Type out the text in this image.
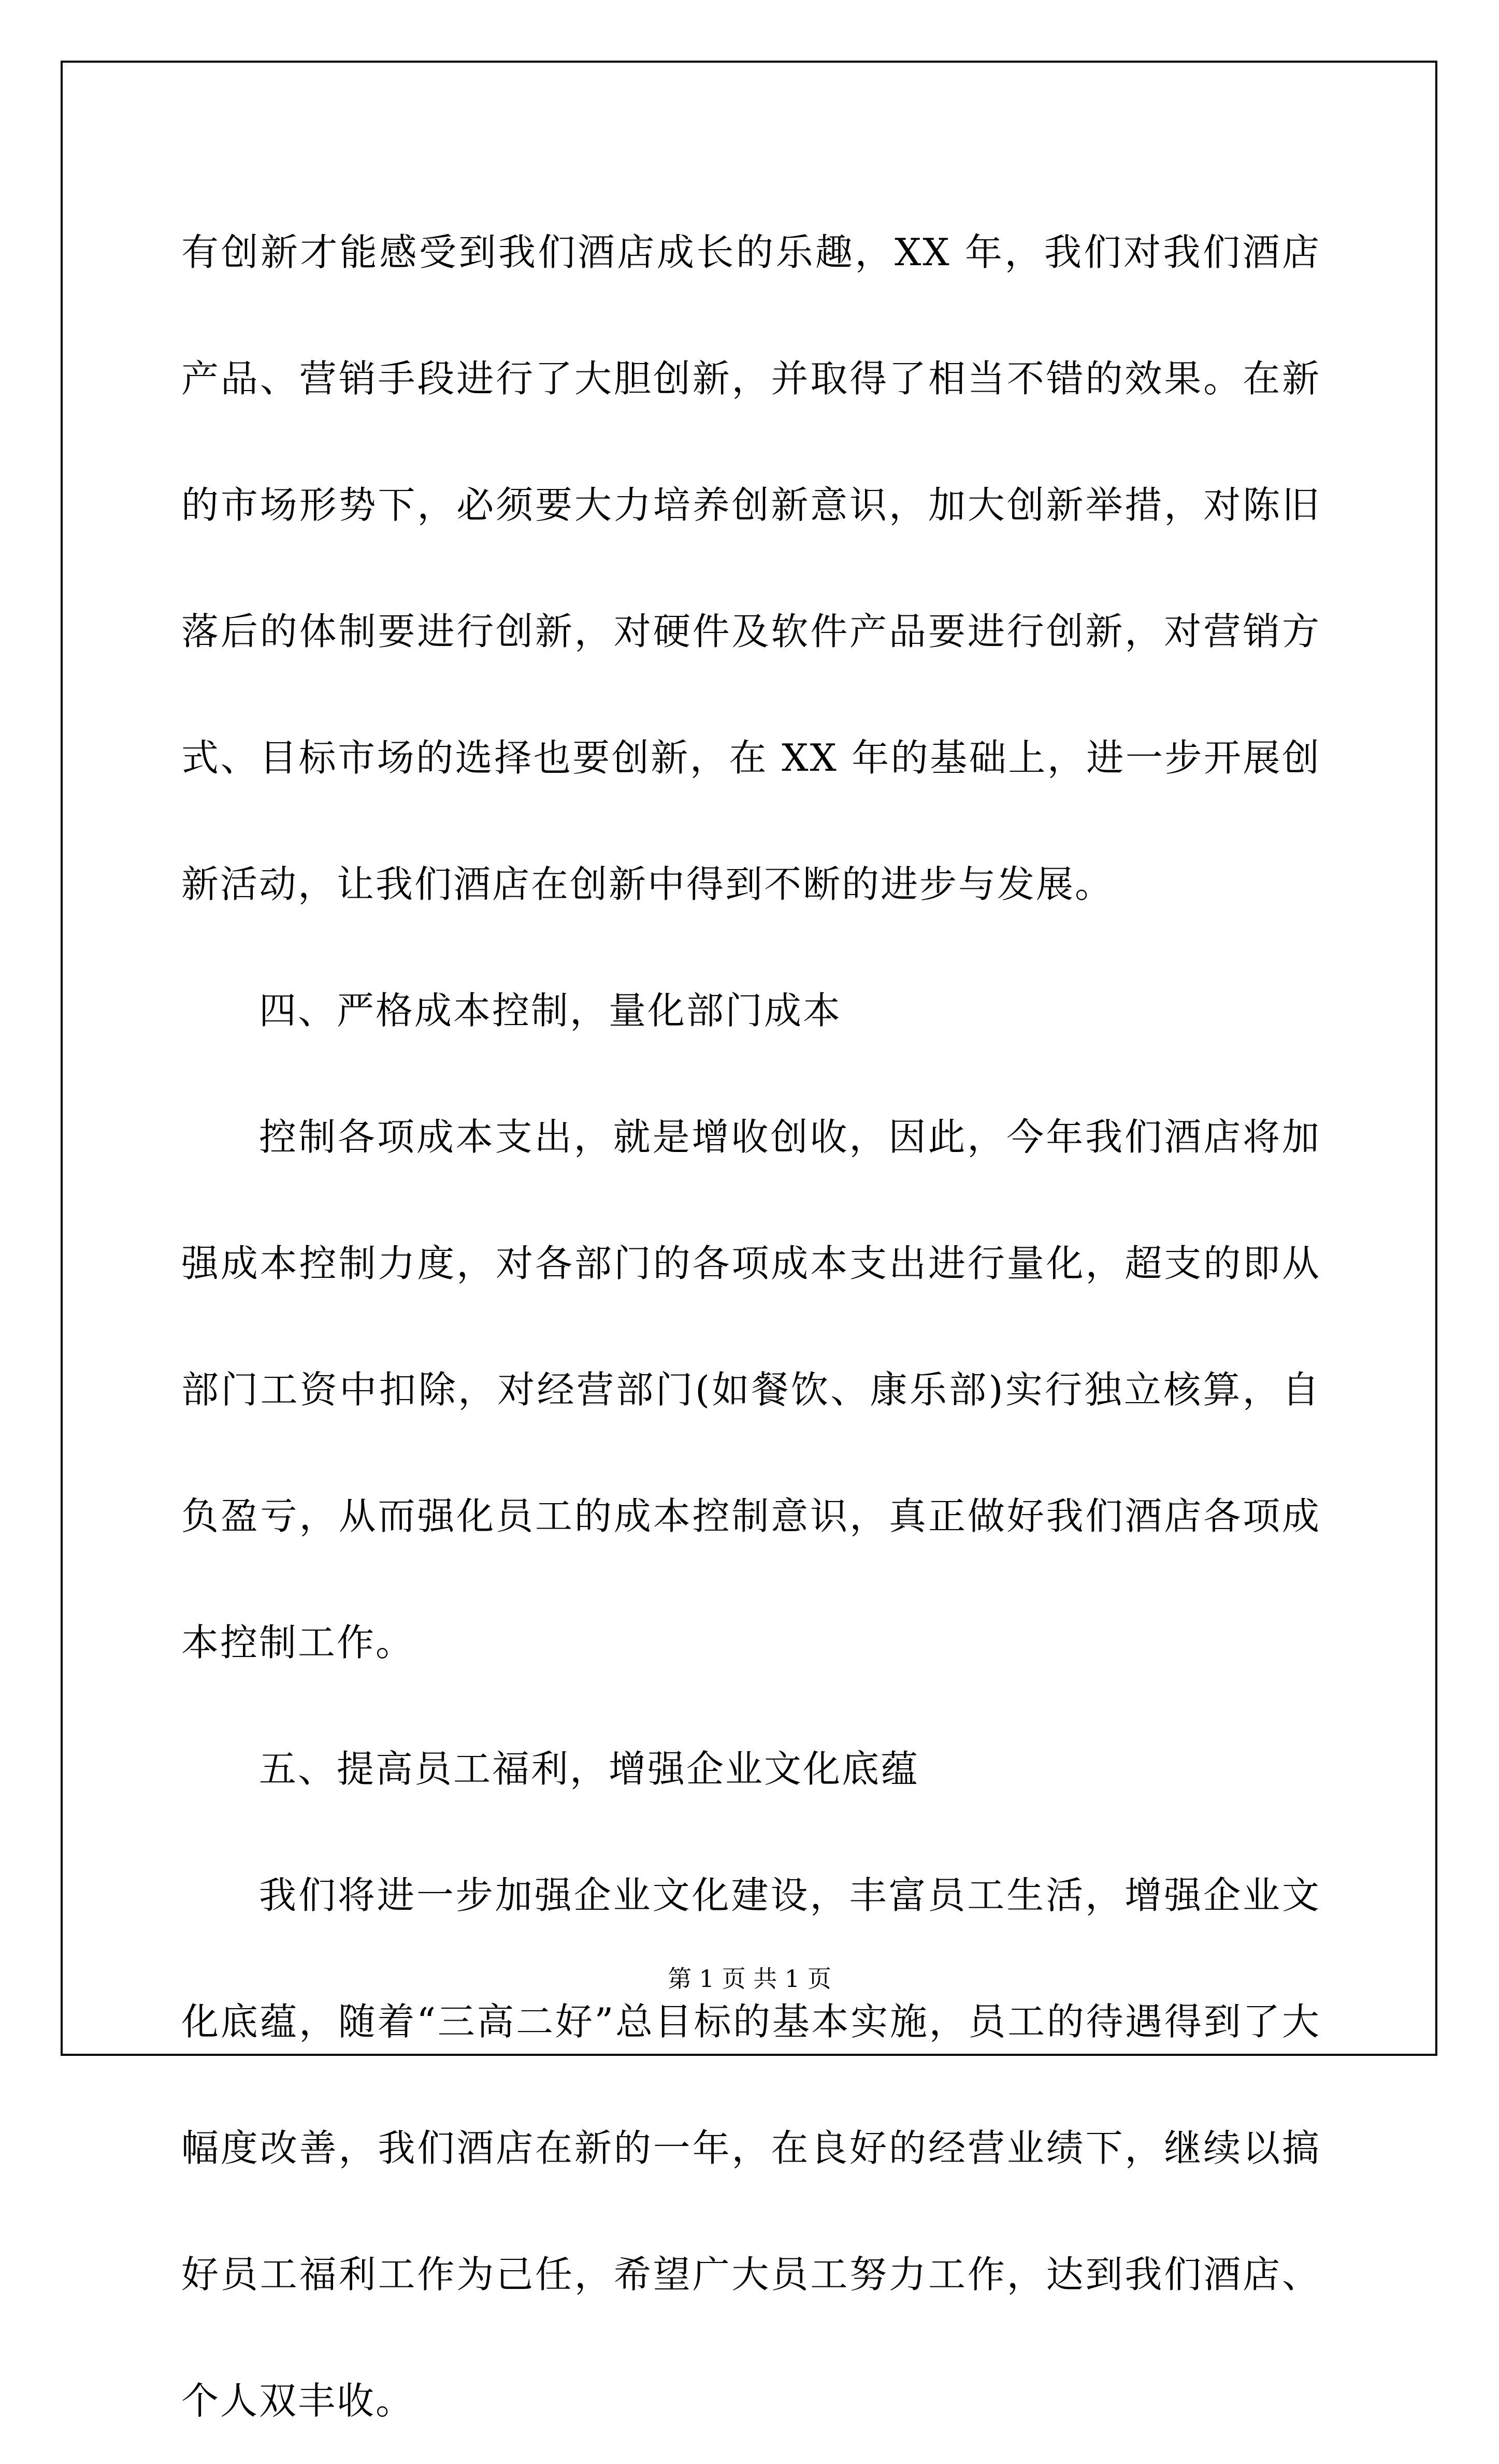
有创新才能感受到我们酒店成长的乐趣，XX 年，我们对我们酒店产品、营销手段进行了大胆创新，并取得了相当不错的效果。在新的市场形势下，必须要大力培养创新意识，加大创新举措，对陈旧落后的体制要进行创新，对硬件及软件产品要进行创新，对营销方式、目标市场的选择也要创新，在 XX 年的基础上，进一步开展创新活动，让我们酒店在创新中得到不断的进步与发展。

四、严格成本控制，量化部门成本

控制各项成本支出，就是增收创收，因此，今年我们酒店将加强成本控制力度，对各部门的各项成本支出进行量化，超支的即从部门工资中扣除，对经营部门(如餐饮、康乐部)实行独立核算，自负盈亏，从而强化员工的成本控制意识，真正做好我们酒店各项成本控制工作。

五、提高员工福利，增强企业文化底蕴

我们将进一步加强企业文化建设，丰富员工生活，增强企业文化底蕴，随着“三高二好”总目标的基本实施，员工的待遇得到了大幅度改善，我们酒店在新的一年，在良好的经营业绩下，继续以搞好员工福利工作为己任，希望广大员工努力工作，达到我们酒店、个人双丰收。

第 1 页 共 1 页
